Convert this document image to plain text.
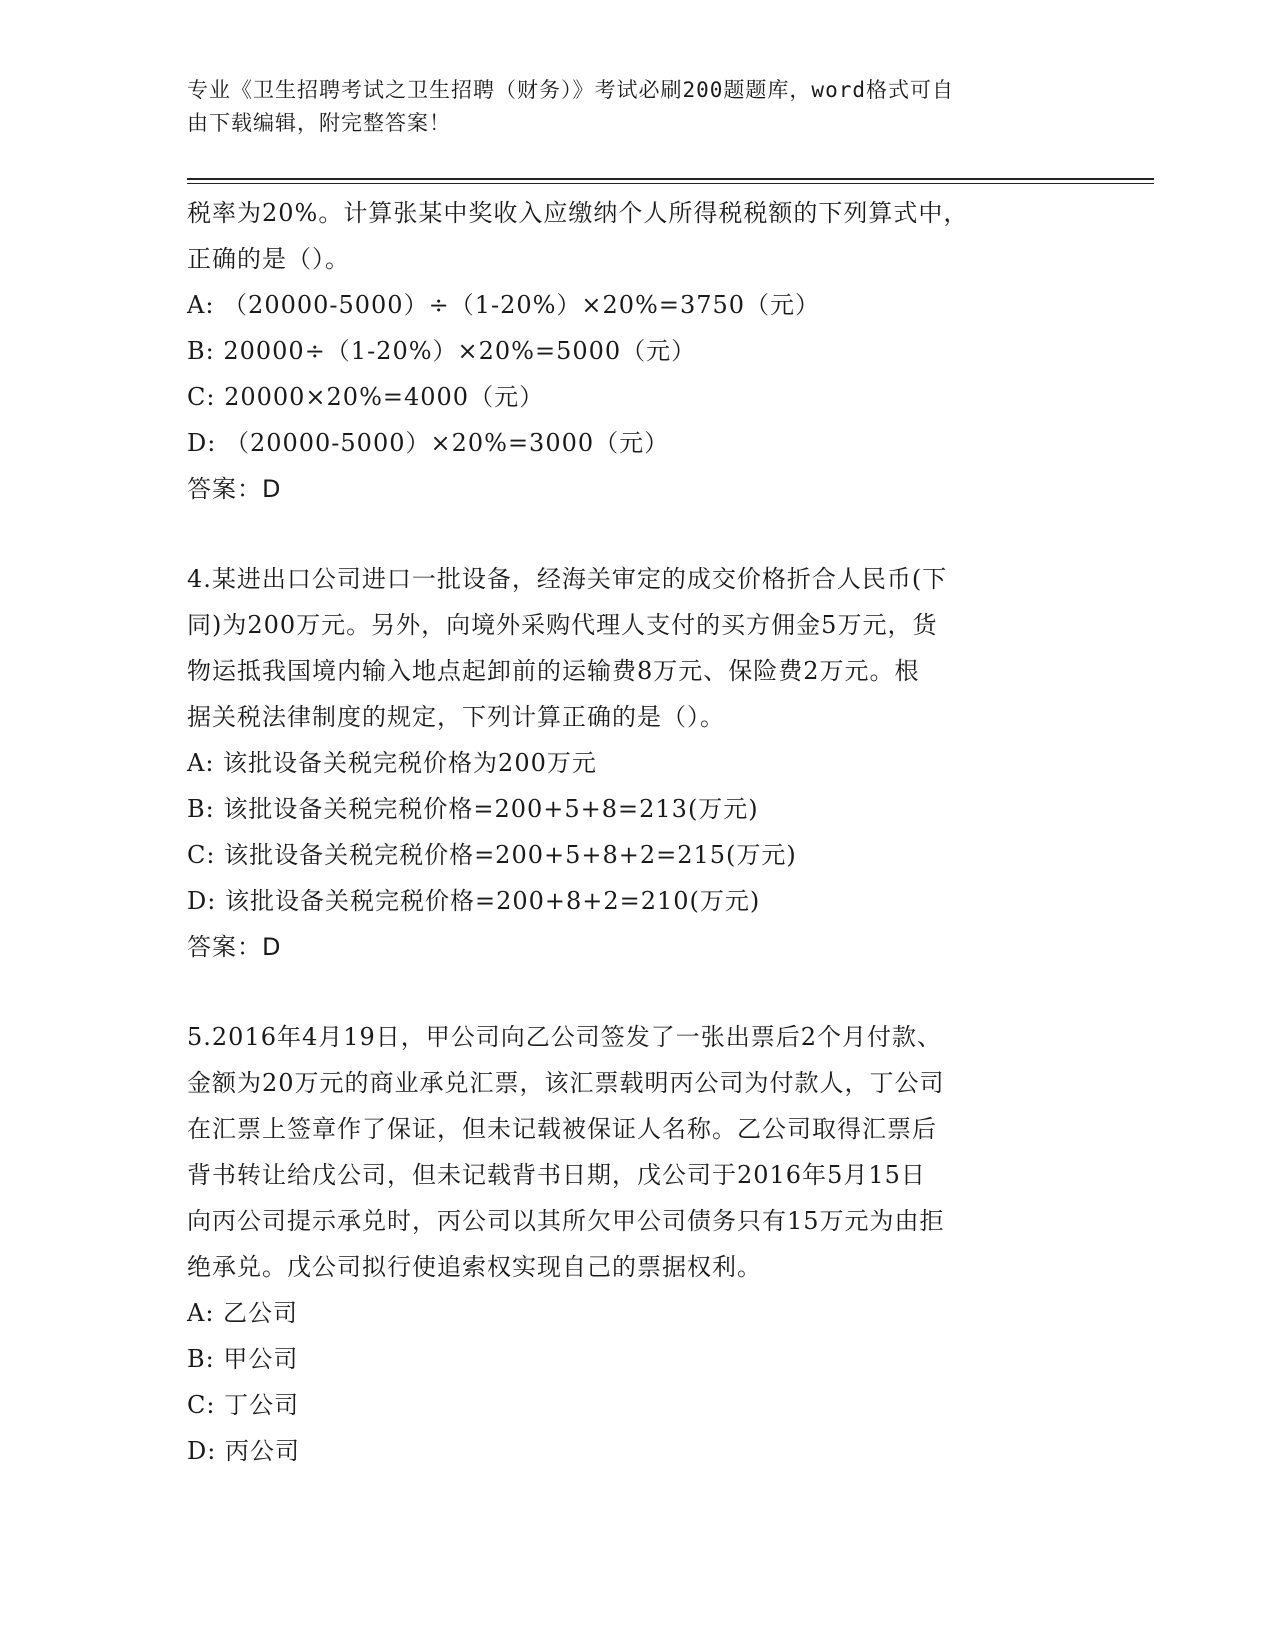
专业《卫生招聘考试之卫生招聘（财务）》考试必刷200题题库，word格式可自
由下载编辑，附完整答案！
税率为20%。计算张某中奖收入应缴纳个人所得税税额的下列算式中，
正确的是（）。
A: （20000-5000）÷（1-20%）×20%=3750（元）
B: 20000÷（1-20%）×20%=5000（元）
C: 20000×20%=4000（元）
D: （20000-5000）×20%=3000（元）
答案：D
4.某进出口公司进口一批设备，经海关审定的成交价格折合人民币(下
同)为200万元。另外，向境外采购代理人支付的买方佣金5万元，货
物运抵我国境内输入地点起卸前的运输费8万元、保险费2万元。根
据关税法律制度的规定，下列计算正确的是（）。
A: 该批设备关税完税价格为200万元
B: 该批设备关税完税价格=200+5+8=213(万元)
C: 该批设备关税完税价格=200+5+8+2=215(万元)
D: 该批设备关税完税价格=200+8+2=210(万元)
答案：D
5.2016年4月19日，甲公司向乙公司签发了一张出票后2个月付款、
金额为20万元的商业承兑汇票，该汇票载明丙公司为付款人，丁公司
在汇票上签章作了保证，但未记载被保证人名称。乙公司取得汇票后
背书转让给戊公司，但未记载背书日期，戊公司于2016年5月15日
向丙公司提示承兑时，丙公司以其所欠甲公司债务只有15万元为由拒
绝承兑。戊公司拟行使追索权实现自己的票据权利。
A: 乙公司
B: 甲公司
C: 丁公司
D: 丙公司
